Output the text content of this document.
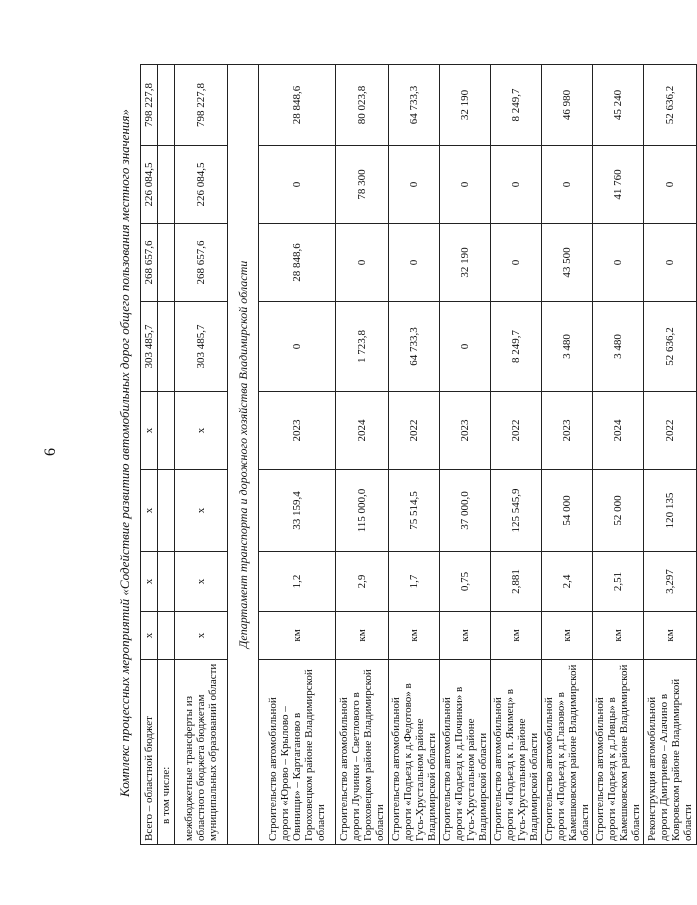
6	Комплекс процессных мероприятий «Содействие развитию автомобильных дорог общего пользования местного значения»	Всего – областной бюджет	х	х	х	х	303 485,7	268 657,6	226 084,5	798 227,8
в том числе:								
межбюджетные трансферты из областного бюджета бюджетам муниципальных образований области	х	х	х	х	303 485,7	268 657,6	226 084,5	798 227,8
Департамент транспорта и дорожного хозяйства Владимирской области								
Строительство автомобильной дороги «Юрово – Крылово – Овинищи» – Картаганово в Гороховецком районе Владимирской области	км	1,2	33 159,4	2023	0	28 848,6	0	28 848,6
Строительство автомобильной дороги Лучинки – Светлового в Гороховецком районе Владимирской области	км	2,9	115 000,0	2024	1 723,8	0	78 300	80 023,8
Строительство автомобильной дороги «Подъезд к д.Федотово» в Гусь-Хрустальном районе Владимирской области	км	1,7	75 514,5	2022	64 733,3	0	0	64 733,3
Строительство автомобильной дороги «Подъезд к д.Починки» в Гусь-Хрустальном районе Владимирской области	км	0,75	37 000,0	2023	0	32 190	0	32 190
Строительство автомобильной дороги «Подъезд к п. Якимец» в Гусь-Хрустальном районе Владимирской области	км	2,881	125 545,9	2022	8 249,7	0	0	8 249,7
Строительство автомобильной дороги «Подъезд к д.Глазово» в Камешковском районе Владимирской области	км	2,4	54 000	2023	3 480	43 500	0	46 980
Строительство автомобильной дороги «Подъезд к д.Ловцы» в Камешковском районе Владимирской области	км	2,51	52 000	2024	3 480	0	41 760	45 240
Реконструкция автомобильной дороги Дмитриево – Алачино в Ковровском районе Владимирской области	км	3,297	120 135	2022	52 636,2	0	0	52 636,2
